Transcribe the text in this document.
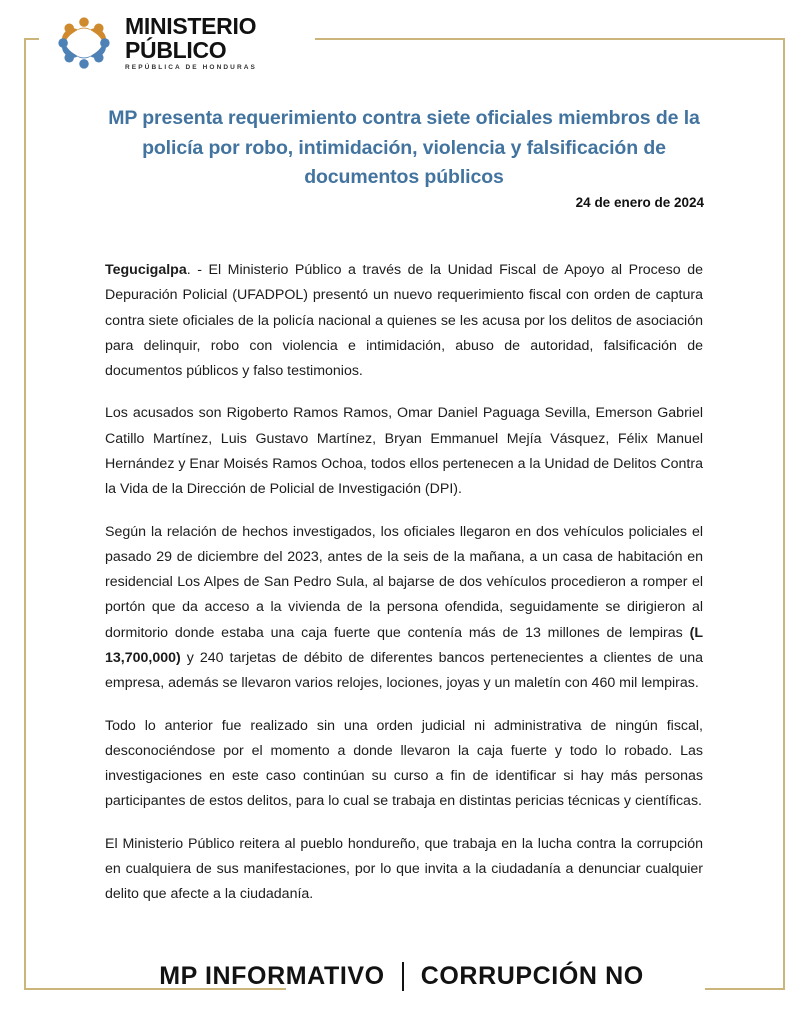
MINISTERIO
PÚBLICO
REPÚBLICA DE HONDURAS
MP presenta requerimiento contra siete oficiales miembros de la policía por robo, intimidación, violencia y falsificación de documentos públicos
24 de enero de 2024

Tegucigalpa. - El Ministerio Público a través de la Unidad Fiscal de Apoyo al Proceso de Depuración Policial (UFADPOL) presentó un nuevo requerimiento fiscal con orden de captura contra siete oficiales de la policía nacional a quienes se les acusa por los delitos de asociación para delinquir, robo con violencia e intimidación, abuso de autoridad, falsificación de documentos públicos y falso testimonios.

Los acusados son Rigoberto Ramos Ramos, Omar Daniel Paguaga Sevilla, Emerson Gabriel Catillo Martínez, Luis Gustavo Martínez, Bryan Emmanuel Mejía Vásquez, Félix Manuel Hernández y Enar Moisés Ramos Ochoa, todos ellos pertenecen a la Unidad de Delitos Contra la Vida de la Dirección de Policial de Investigación (DPI).

Según la relación de hechos investigados, los oficiales llegaron en dos vehículos policiales el pasado 29 de diciembre del 2023, antes de la seis de la mañana, a un casa de habitación en residencial Los Alpes de San Pedro Sula, al bajarse de dos vehículos procedieron a romper el portón que da acceso a la vivienda de la persona ofendida, seguidamente se dirigieron al dormitorio donde estaba una caja fuerte que contenía más de 13 millones de lempiras (L 13,700,000) y 240 tarjetas de débito de diferentes bancos pertenecientes a clientes de una empresa, además se llevaron varios relojes, lociones, joyas y un maletín con 460 mil lempiras.

Todo lo anterior fue realizado sin una orden judicial ni administrativa de ningún fiscal, desconociéndose por el momento a donde llevaron la caja fuerte y todo lo robado. Las investigaciones en este caso continúan su curso a fin de identificar si hay más personas participantes de estos delitos, para lo cual se trabaja en distintas pericias técnicas y científicas.

El Ministerio Público reitera al pueblo hondureño, que trabaja en la lucha contra la corrupción en cualquiera de sus manifestaciones, por lo que invita a la ciudadanía a denunciar cualquier delito que afecte a la ciudadanía.

MP INFORMATIVO CORRUPCIÓN NO
